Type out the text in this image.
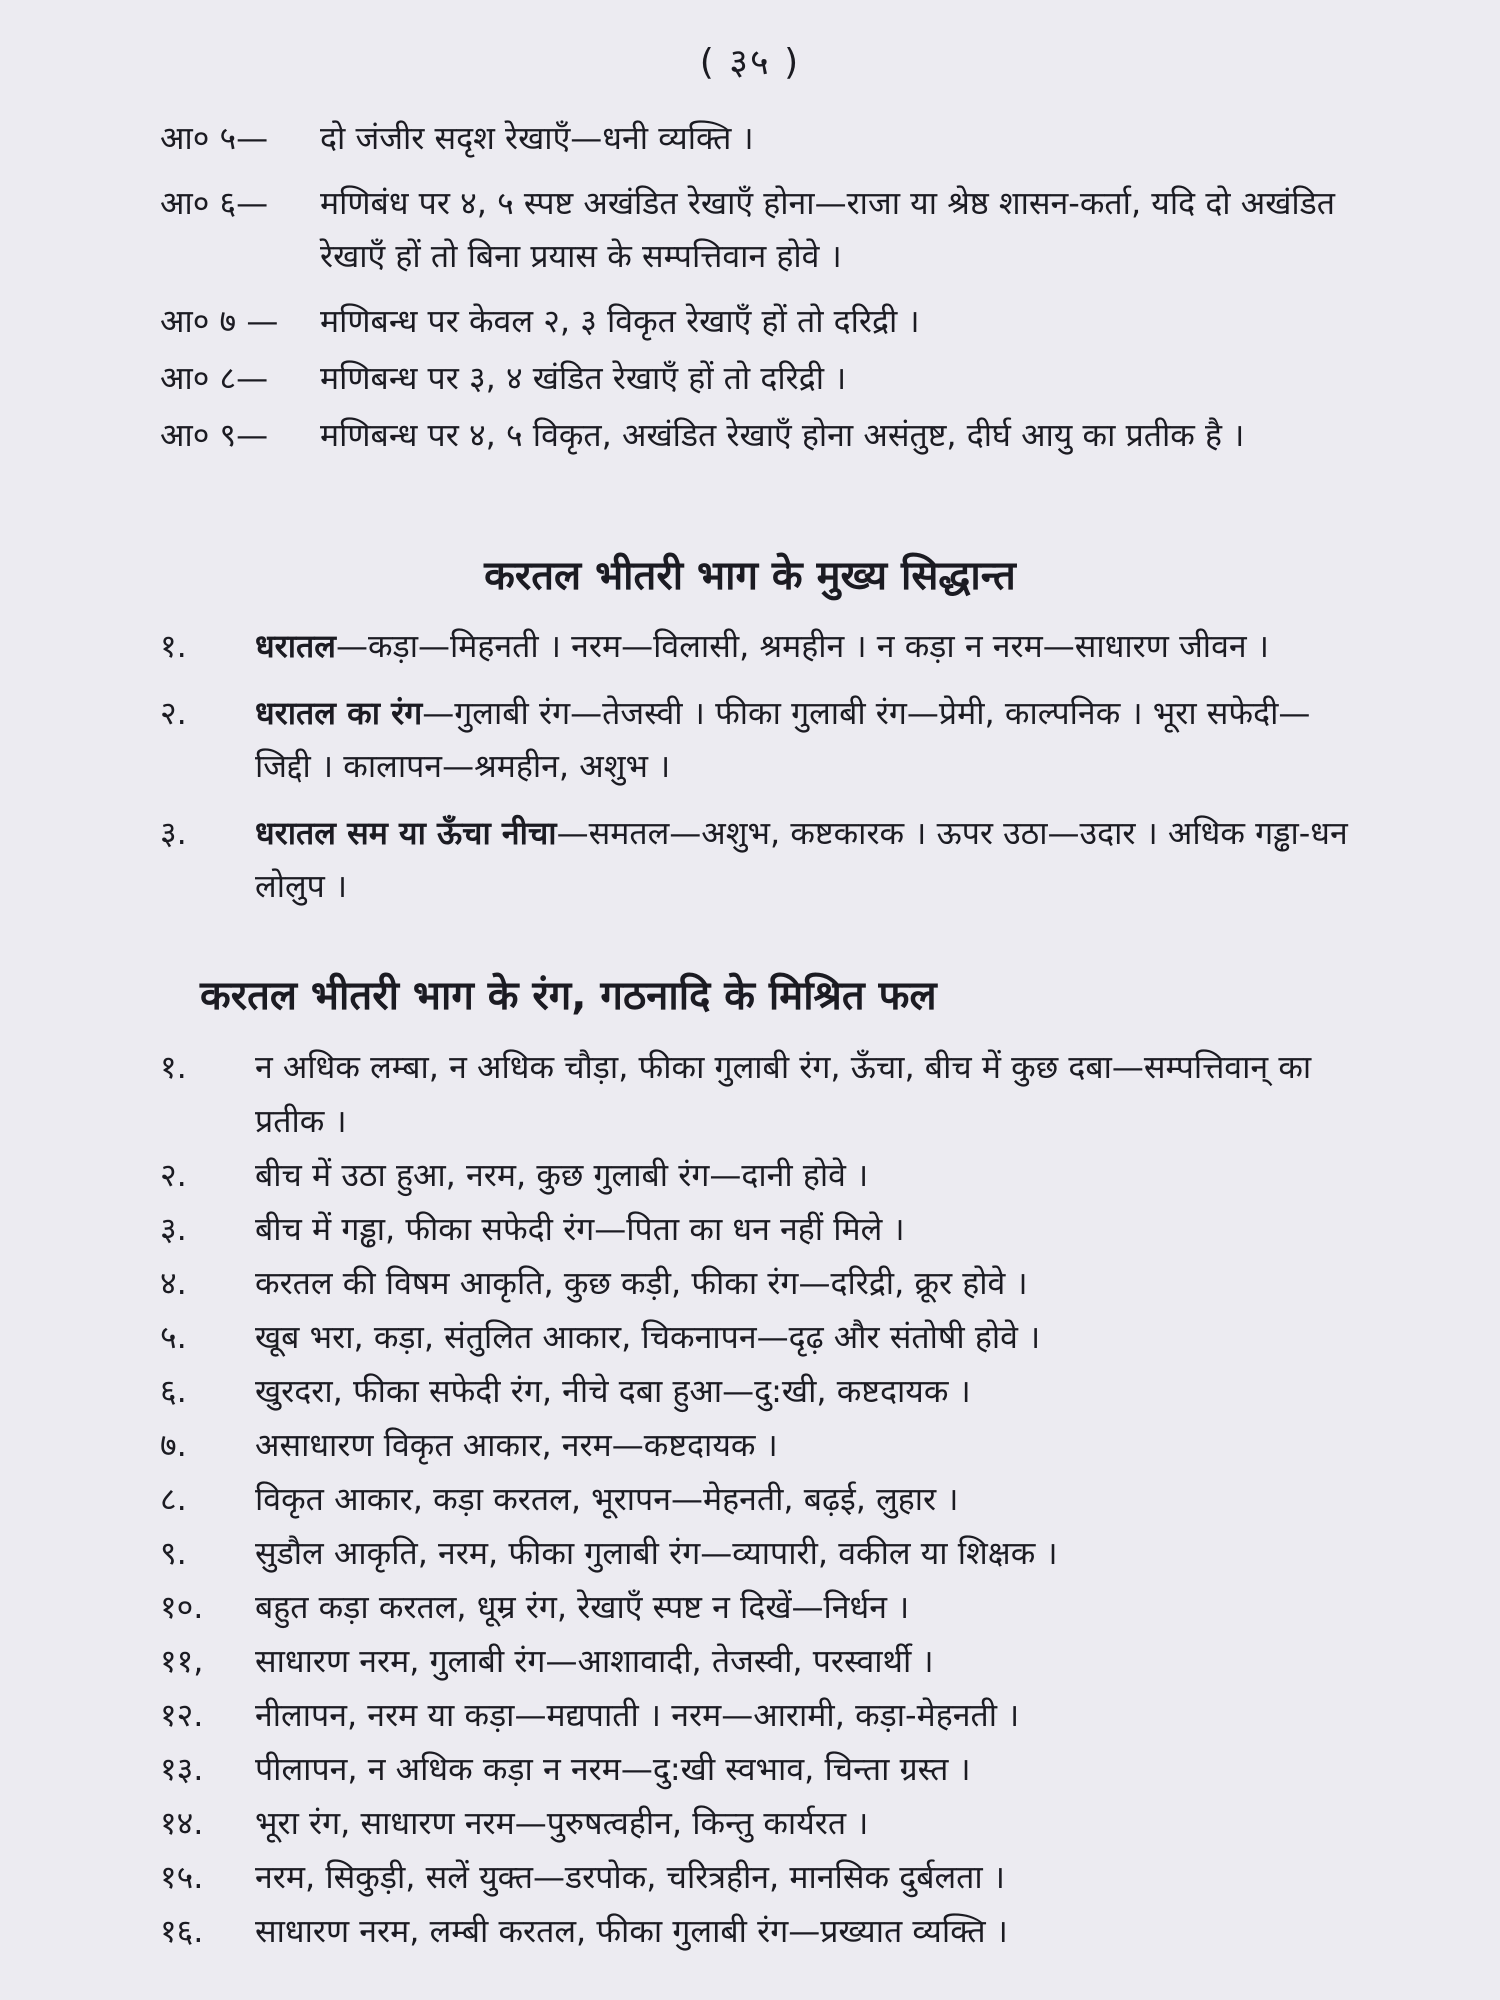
( ३५ )
आ० ५— दो जंजीर सदृश रेखाएँ—धनी व्यक्ति ।
आ० ६— मणिबंध पर ४, ५ स्पष्ट अखंडित रेखाएँ होना—राजा या श्रेष्ठ शासन-कर्ता, यदि दो अखंडित रेखाएँ हों तो बिना प्रयास के सम्पत्तिवान होवे ।
आ० ७ — मणिबन्ध पर केवल २, ३ विकृत रेखाएँ हों तो दरिद्री ।
आ० ८— मणिबन्ध पर ३, ४ खंडित रेखाएँ हों तो दरिद्री ।
आ० ९— मणिबन्ध पर ४, ५ विकृत, अखंडित रेखाएँ होना असंतुष्ट, दीर्घ आयु का प्रतीक है ।
करतल भीतरी भाग के मुख्य सिद्धान्त
१.	धरातल—कड़ा—मिहनती । नरम—विलासी, श्रमहीन । न कड़ा न नरम—साधारण जीवन ।
२.	धरातल का रंग—गुलाबी रंग—तेजस्वी । फीका गुलाबी रंग—प्रेमी, काल्पनिक । भूरा सफेदी—जिद्दी । कालापन—श्रमहीन, अशुभ ।
३.	धरातल सम या ऊँचा नीचा—समतल—अशुभ, कष्टकारक । ऊपर उठा—उदार । अधिक गड्ढा-धन लोलुप ।
करतल भीतरी भाग के रंग, गठनादि के मिश्रित फल
१.	न अधिक लम्बा, न अधिक चौड़ा, फीका गुलाबी रंग, ऊँचा, बीच में कुछ दबा—सम्पत्तिवान् का प्रतीक ।
२.	बीच में उठा हुआ, नरम, कुछ गुलाबी रंग—दानी होवे ।
३.	बीच में गड्ढा, फीका सफेदी रंग—पिता का धन नहीं मिले ।
४.	करतल की विषम आकृति, कुछ कड़ी, फीका रंग—दरिद्री, क्रूर होवे ।
५.	खूब भरा, कड़ा, संतुलित आकार, चिकनापन—दृढ़ और संतोषी होवे ।
६.	खुरदरा, फीका सफेदी रंग, नीचे दबा हुआ—दु:खी, कष्टदायक ।
७.	असाधारण विकृत आकार, नरम—कष्टदायक ।
८.	विकृत आकार, कड़ा करतल, भूरापन—मेहनती, बढ़ई, लुहार ।
९.	सुडौल आकृति, नरम, फीका गुलाबी रंग—व्यापारी, वकील या शिक्षक ।
१०.	बहुत कड़ा करतल, धूम्र रंग, रेखाएँ स्पष्ट न दिखें—निर्धन ।
११,	साधारण नरम, गुलाबी रंग—आशावादी, तेजस्वी, परस्वार्थी ।
१२.	नीलापन, नरम या कड़ा—मद्यपाती । नरम—आरामी, कड़ा-मेहनती ।
१३.	पीलापन, न अधिक कड़ा न नरम—दु:खी स्वभाव, चिन्ता ग्रस्त ।
१४.	भूरा रंग, साधारण नरम—पुरुषत्वहीन, किन्तु कार्यरत ।
१५.	नरम, सिकुड़ी, सलें युक्त—डरपोक, चरित्रहीन, मानसिक दुर्बलता ।
१६.	साधारण नरम, लम्बी करतल, फीका गुलाबी रंग—प्रख्यात व्यक्ति ।
